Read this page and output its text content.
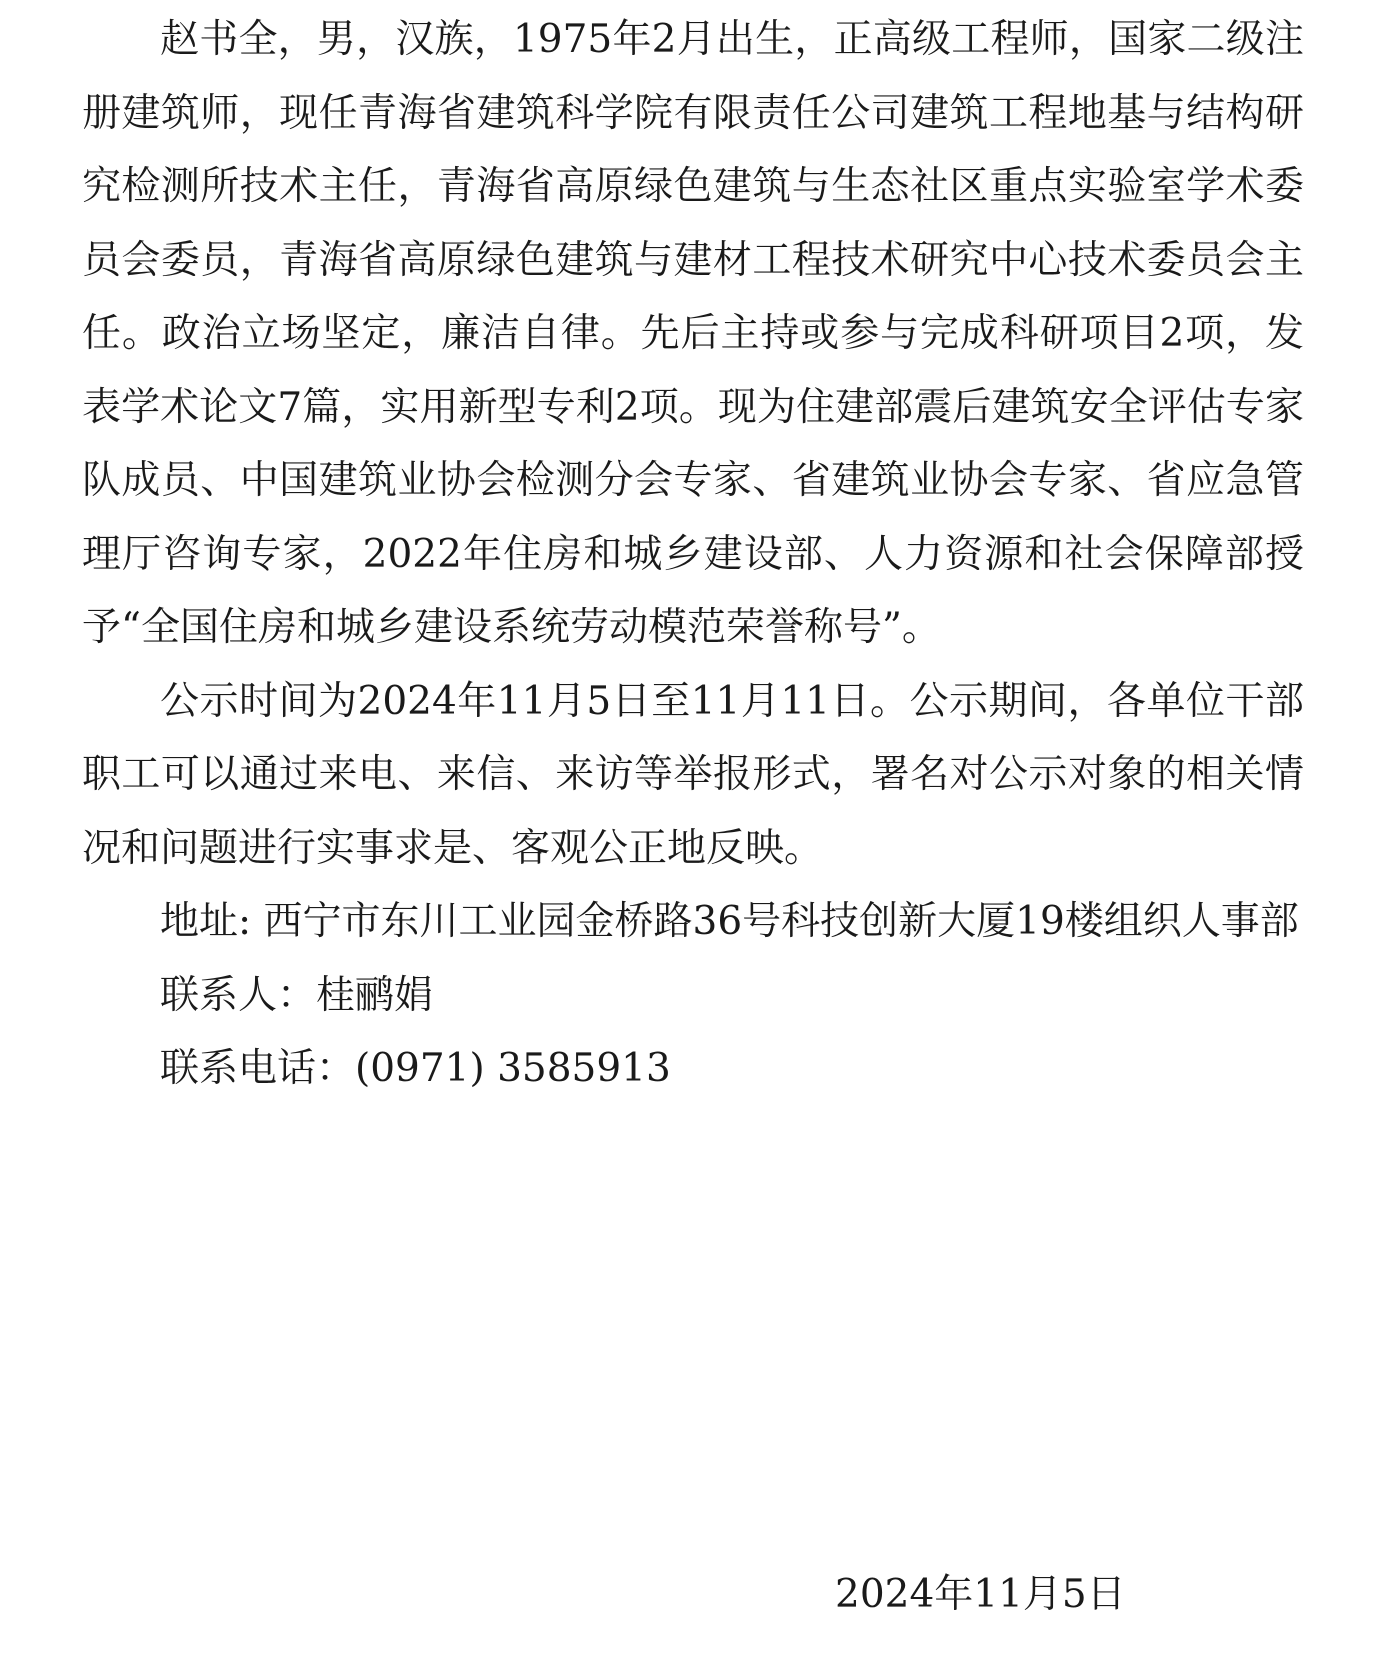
赵书全，男，汉族，1975年2月出生，正高级工程师，国家二级注册建筑师，现任青海省建筑科学院有限责任公司建筑工程地基与结构研究检测所技术主任，青海省高原绿色建筑与生态社区重点实验室学术委员会委员，青海省高原绿色建筑与建材工程技术研究中心技术委员会主任。政治立场坚定，廉洁自律。先后主持或参与完成科研项目2项，发表学术论文7篇，实用新型专利2项。现为住建部震后建筑安全评估专家队成员、中国建筑业协会检测分会专家、省建筑业协会专家、省应急管理厅咨询专家，2022年住房和城乡建设部、人力资源和社会保障部授予“全国住房和城乡建设系统劳动模范荣誉称号”。

公示时间为2024年11月5日至11月11日。公示期间，各单位干部职工可以通过来电、来信、来访等举报形式，署名对公示对象的相关情况和问题进行实事求是、客观公正地反映。

地址: 西宁市东川工业园金桥路36号科技创新大厦19楼组织人事部

联系人：桂鹂娟

联系电话：(0971) 3585913

2024年11月5日
